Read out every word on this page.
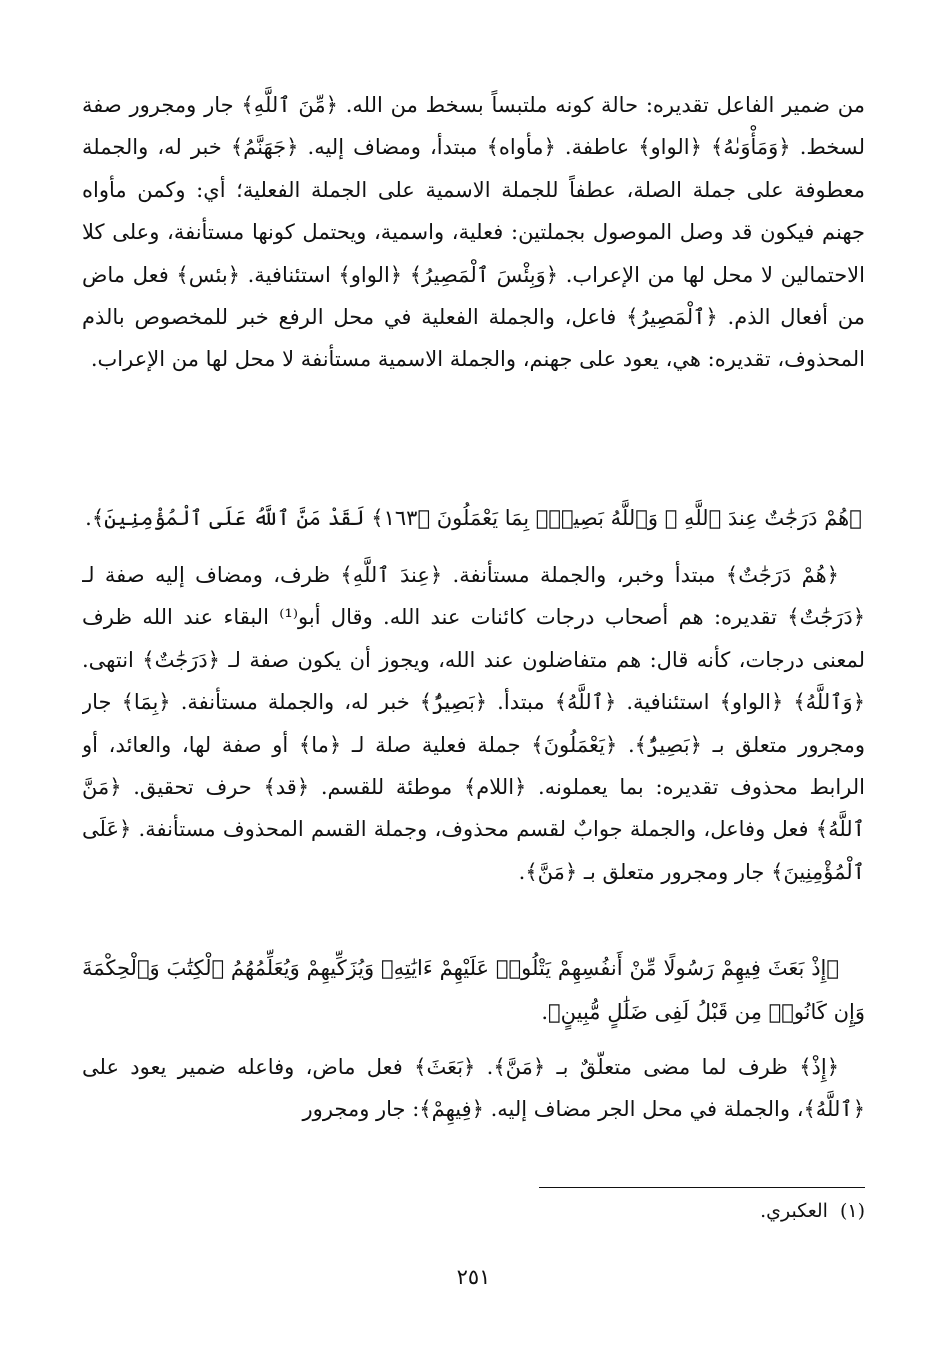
من ضمير الفاعل تقديره: حالة كونه ملتبساً بسخط من الله. ﴿مِّنَ ٱللَّهِ﴾ جار ومجرور صفة لسخط. ﴿وَمَأْوَىٰهُ﴾ ﴿الواو﴾ عاطفة. ﴿مأواه﴾ مبتدأ، ومضاف إليه. ﴿جَهَنَّمُ﴾ خبر له، والجملة معطوفة على جملة الصلة، عطفاً للجملة الاسمية على الجملة الفعلية؛ أي: وكمن مأواه جهنم فيكون قد وصل الموصول بجملتين: فعلية، واسمية، ويحتمل كونها مستأنفة، وعلى كلا الاحتمالين لا محل لها من الإعراب. ﴿وَبِئْسَ ٱلْمَصِيرُ﴾ ﴿الواو﴾ استئنافية. ﴿بئس﴾ فعل ماض من أفعال الذم. ﴿ٱلْمَصِيرُ﴾ فاعل، والجملة الفعلية في محل الرفع خبر للمخصوص بالذم المحذوف، تقديره: هي، يعود على جهنم، والجملة الاسمية مستأنفة لا محل لها من الإعراب.

﴿هُمْ دَرَجَٰتٌ عِندَ ٱللَّهِ ۗ وَٱللَّهُ بَصِيرٌۢ بِمَا يَعْمَلُونَ ﴿١٦٣﴾ لَقَدْ مَنَّ ٱللَّهُ عَلَى ٱلْمُؤْمِنِينَ﴾.

﴿هُمْ دَرَجَٰتٌ﴾ مبتدأ وخبر، والجملة مستأنفة. ﴿عِندَ ٱللَّهِ﴾ ظرف، ومضاف إليه صفة لـ ﴿دَرَجَٰتٌ﴾ تقديره: هم أصحاب درجات كائنات عند الله. وقال أبو⁽¹⁾ البقاء عند الله ظرف لمعنى درجات، كأنه قال: هم متفاضلون عند الله، ويجوز أن يكون صفة لـ ﴿دَرَجَٰتٌ﴾ انتهى. ﴿وَٱللَّهُ﴾ ﴿الواو﴾ استئنافية. ﴿ٱللَّهُ﴾ مبتدأ. ﴿بَصِيرٌۢ﴾ خبر له، والجملة مستأنفة. ﴿بِمَا﴾ جار ومجرور متعلق بـ ﴿بَصِيرٌۢ﴾. ﴿يَعْمَلُونَ﴾ جملة فعلية صلة لـ ﴿ما﴾ أو صفة لها، والعائد، أو الرابط محذوف تقديره: بما يعملونه. ﴿اللام﴾ موطئة للقسم. ﴿قد﴾ حرف تحقيق. ﴿مَنَّ ٱللَّهُ﴾ فعل وفاعل، والجملة جوابٌ لقسم محذوف، وجملة القسم المحذوف مستأنفة. ﴿عَلَى ٱلْمُؤْمِنِينَ﴾ جار ومجرور متعلق بـ ﴿مَنَّ﴾.

﴿إِذْ بَعَثَ فِيهِمْ رَسُولًا مِّنْ أَنفُسِهِمْ يَتْلُوا۟ عَلَيْهِمْ ءَايَٰتِهِۦ وَيُزَكِّيهِمْ وَيُعَلِّمُهُمُ ٱلْكِتَٰبَ وَٱلْحِكْمَةَ وَإِن كَانُوا۟ مِن قَبْلُ لَفِى ضَلَٰلٍ مُّبِينٍ﴾.

﴿إِذْ﴾ ظرف لما مضى متعلّقٌ بـ ﴿مَنَّ﴾. ﴿بَعَثَ﴾ فعل ماض، وفاعله ضمير يعود على ﴿ٱللَّهُ﴾، والجملة في محل الجر مضاف إليه. ﴿فِيهِمْ﴾: جار ومجرور

(١)العكبري.
٢٥١
